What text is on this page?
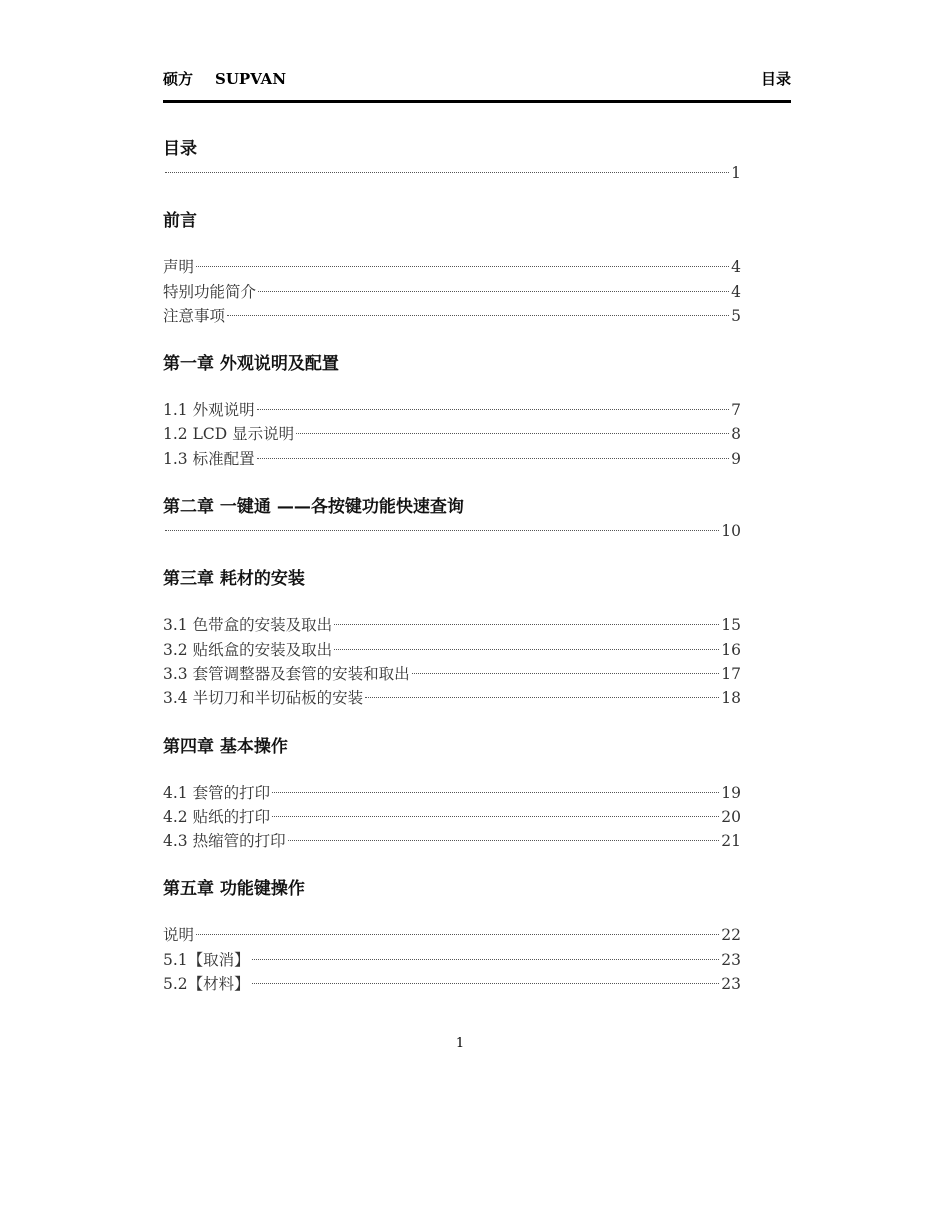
硕方 SUPVAN	目录
目录
1
前言
声明	4
特别功能简介	4
注意事项	5
第一章 外观说明及配置
1.1 外观说明	7
1.2 LCD 显示说明	8
1.3 标准配置	9
第二章 一键通 ——各按键功能快速查询
10
第三章 耗材的安装
3.1 色带盒的安装及取出	15
3.2 贴纸盒的安装及取出	16
3.3 套管调整器及套管的安装和取出	17
3.4 半切刀和半切砧板的安装	18
第四章 基本操作
4.1 套管的打印	19
4.2 贴纸的打印	20
4.3 热缩管的打印	21
第五章 功能键操作
说明	22
5.1【取消】	23
5.2【材料】	23
1
